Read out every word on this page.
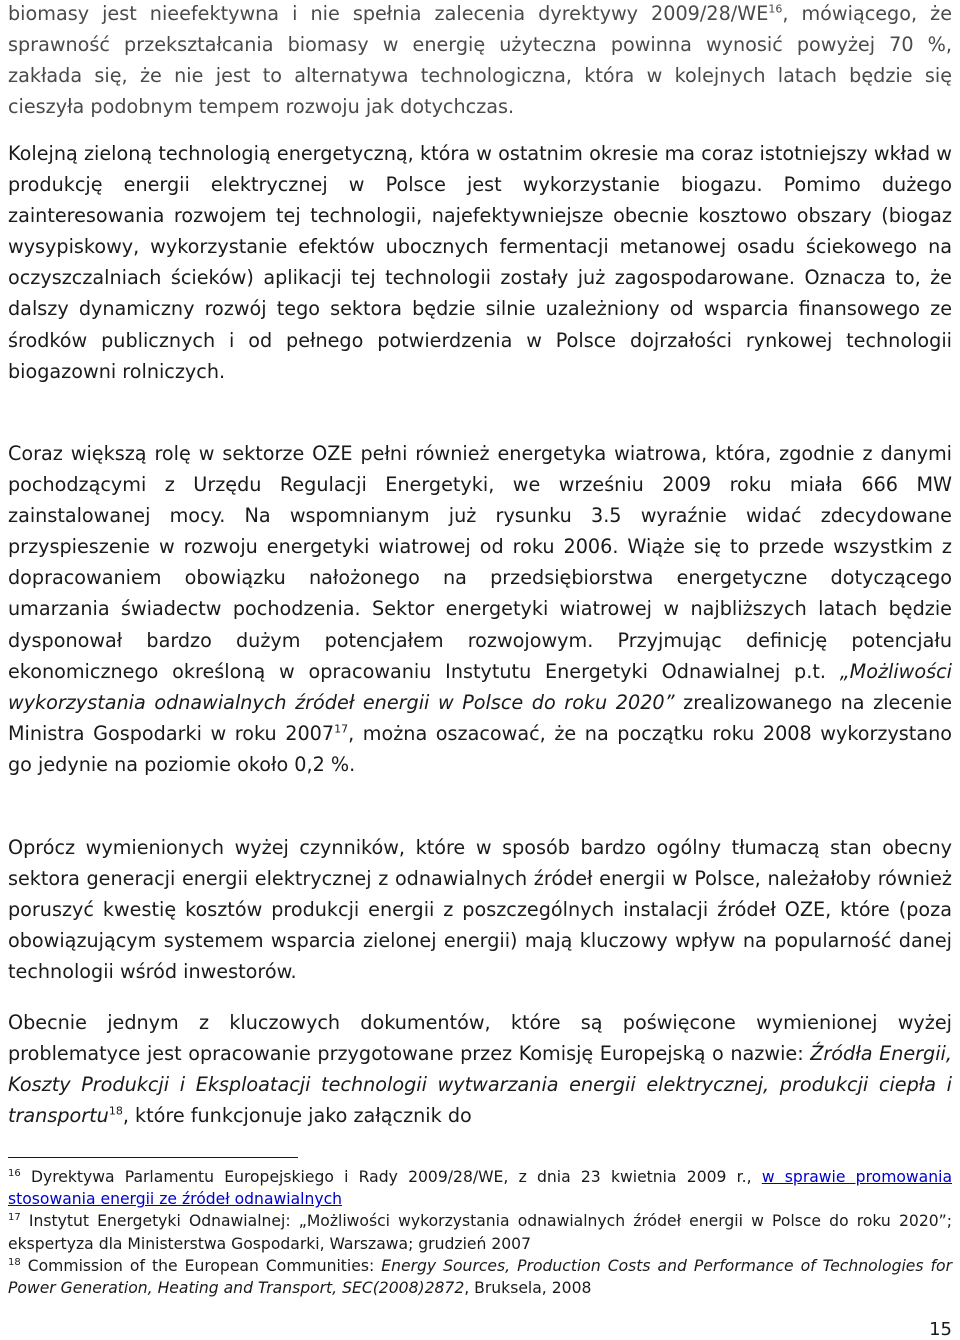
biomasy jest nieefektywna i nie spełnia zalecenia dyrektywy 2009/28/WE$^{16}$, mówiącego, że sprawność przekształcania biomasy w energię użyteczna powinna wynosić powyżej 70 %, zakłada się, że nie jest to alternatywa technologiczna, która w kolejnych latach będzie się cieszyła podobnym tempem rozwoju jak dotychczas.

Kolejną zieloną technologią energetyczną, która w ostatnim okresie ma coraz istotniejszy wkład w produkcję energii elektrycznej w Polsce jest wykorzystanie biogazu. Pomimo dużego zainteresowania rozwojem tej technologii, najefektywniejsze obecnie kosztowo obszary (biogaz wysypiskowy, wykorzystanie efektów ubocznych fermentacji metanowej osadu ściekowego na oczyszczalniach ścieków) aplikacji tej technologii zostały już zagospodarowane. Oznacza to, że dalszy dynamiczny rozwój tego sektora będzie silnie uzależniony od wsparcia finansowego ze środków publicznych i od pełnego potwierdzenia w Polsce dojrzałości rynkowej technologii biogazowni rolniczych.

Coraz większą rolę w sektorze OZE pełni również energetyka wiatrowa, która, zgodnie z danymi pochodzącymi z Urzędu Regulacji Energetyki, we wrześniu 2009 roku miała 666 MW zainstalowanej mocy. Na wspomnianym już rysunku 3.5 wyraźnie widać zdecydowane przyspieszenie w rozwoju energetyki wiatrowej od roku 2006. Wiąże się to przede wszystkim z dopracowaniem obowiązku nałożonego na przedsiębiorstwa energetyczne dotyczącego umarzania świadectw pochodzenia. Sektor energetyki wiatrowej w najbliższych latach będzie dysponował bardzo dużym potencjałem rozwojowym. Przyjmując definicję potencjału ekonomicznego określoną w opracowaniu Instytutu Energetyki Odnawialnej p.t. „Możliwości wykorzystania odnawialnych źródeł energii w Polsce do roku 2020” zrealizowanego na zlecenie Ministra Gospodarki w roku 2007$^{17}$, można oszacować, że na początku roku 2008 wykorzystano go jedynie na poziomie około 0,2 %.

Oprócz wymienionych wyżej czynników, które w sposób bardzo ogólny tłumaczą stan obecny sektora generacji energii elektrycznej z odnawialnych źródeł energii w Polsce, należałoby również poruszyć kwestię kosztów produkcji energii z poszczególnych instalacji źródeł OZE, które (poza obowiązującym systemem wsparcia zielonej energii) mają kluczowy wpływ na popularność danej technologii wśród inwestorów.

Obecnie jednym z kluczowych dokumentów, które są poświęcone wymienionej wyżej problematyce jest opracowanie przygotowane przez Komisję Europejską o nazwie: Źródła Energii, Koszty Produkcji i Eksploatacji technologii wytwarzania energii elektrycznej, produkcji ciepła i transportu$^{18}$, które funkcjonuje jako załącznik do

$^{16}$ Dyrektywa Parlamentu Europejskiego i Rady 2009/28/WE, z dnia 23 kwietnia 2009 r., w sprawie promowania stosowania energii ze źródeł odnawialnych

$^{17}$ Instytut Energetyki Odnawialnej: „Możliwości wykorzystania odnawialnych źródeł energii w Polsce do roku 2020”; ekspertyza dla Ministerstwa Gospodarki, Warszawa; grudzień 2007

$^{18}$ Commission of the European Communities: Energy Sources, Production Costs and Performance of Technologies for Power Generation, Heating and Transport, SEC(2008)2872, Bruksela, 2008

15
